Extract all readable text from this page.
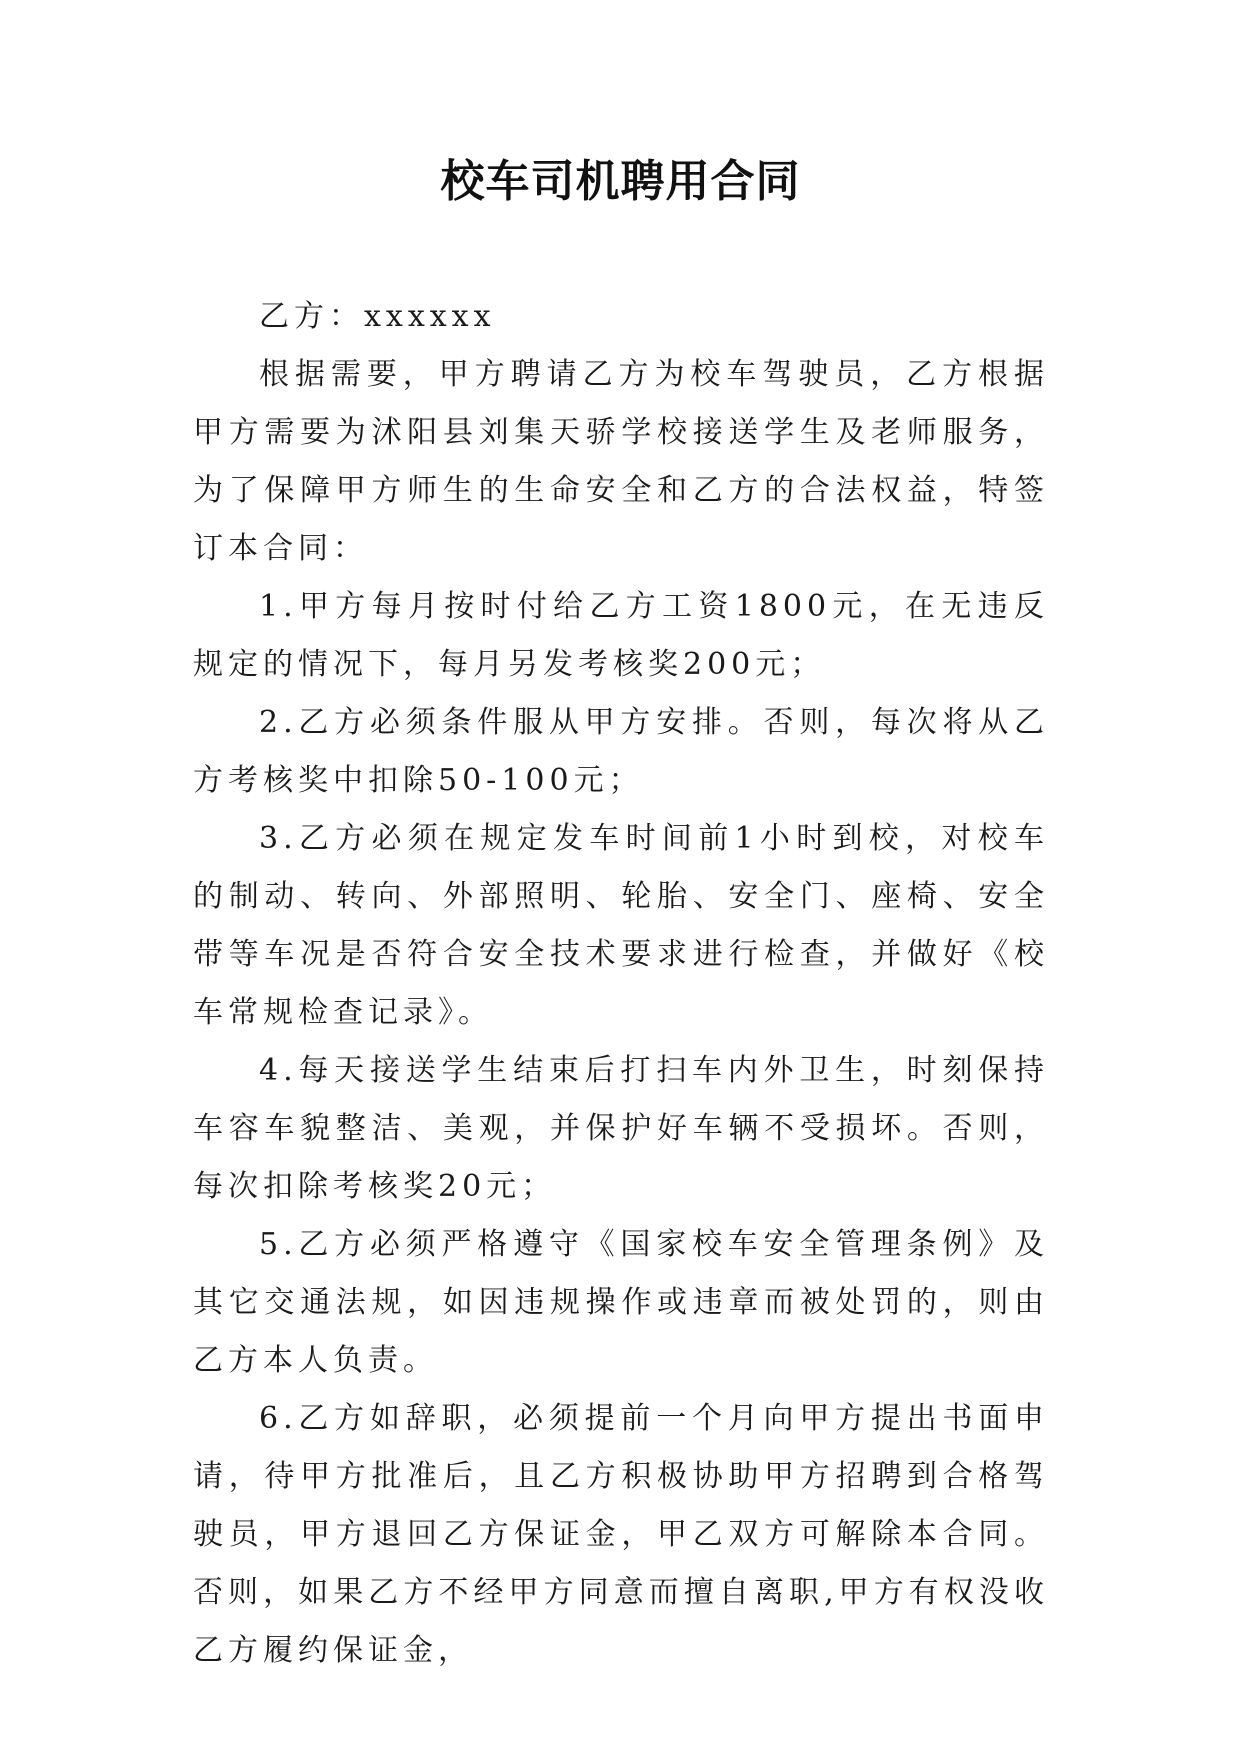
校车司机聘用合同

乙方：xxxxxx

根据需要，甲方聘请乙方为校车驾驶员，乙方根据甲方需要为沭阳县刘集天骄学校接送学生及老师服务，为了保障甲方师生的生命安全和乙方的合法权益，特签订本合同：

1.甲方每月按时付给乙方工资1800元，在无违反规定的情况下，每月另发考核奖200元；

2.乙方必须条件服从甲方安排。否则，每次将从乙方考核奖中扣除50-100元；

3.乙方必须在规定发车时间前1小时到校，对校车的制动、转向、外部照明、轮胎、安全门、座椅、安全带等车况是否符合安全技术要求进行检查，并做好《校车常规检查记录》。

4.每天接送学生结束后打扫车内外卫生，时刻保持车容车貌整洁、美观，并保护好车辆不受损坏。否则，每次扣除考核奖20元；

5.乙方必须严格遵守《国家校车安全管理条例》及其它交通法规，如因违规操作或违章而被处罚的，则由乙方本人负责。

6.乙方如辞职，必须提前一个月向甲方提出书面申请，待甲方批准后，且乙方积极协助甲方招聘到合格驾驶员，甲方退回乙方保证金，甲乙双方可解除本合同。否则，如果乙方不经甲方同意而擅自离职,甲方有权没收乙方履约保证金，
